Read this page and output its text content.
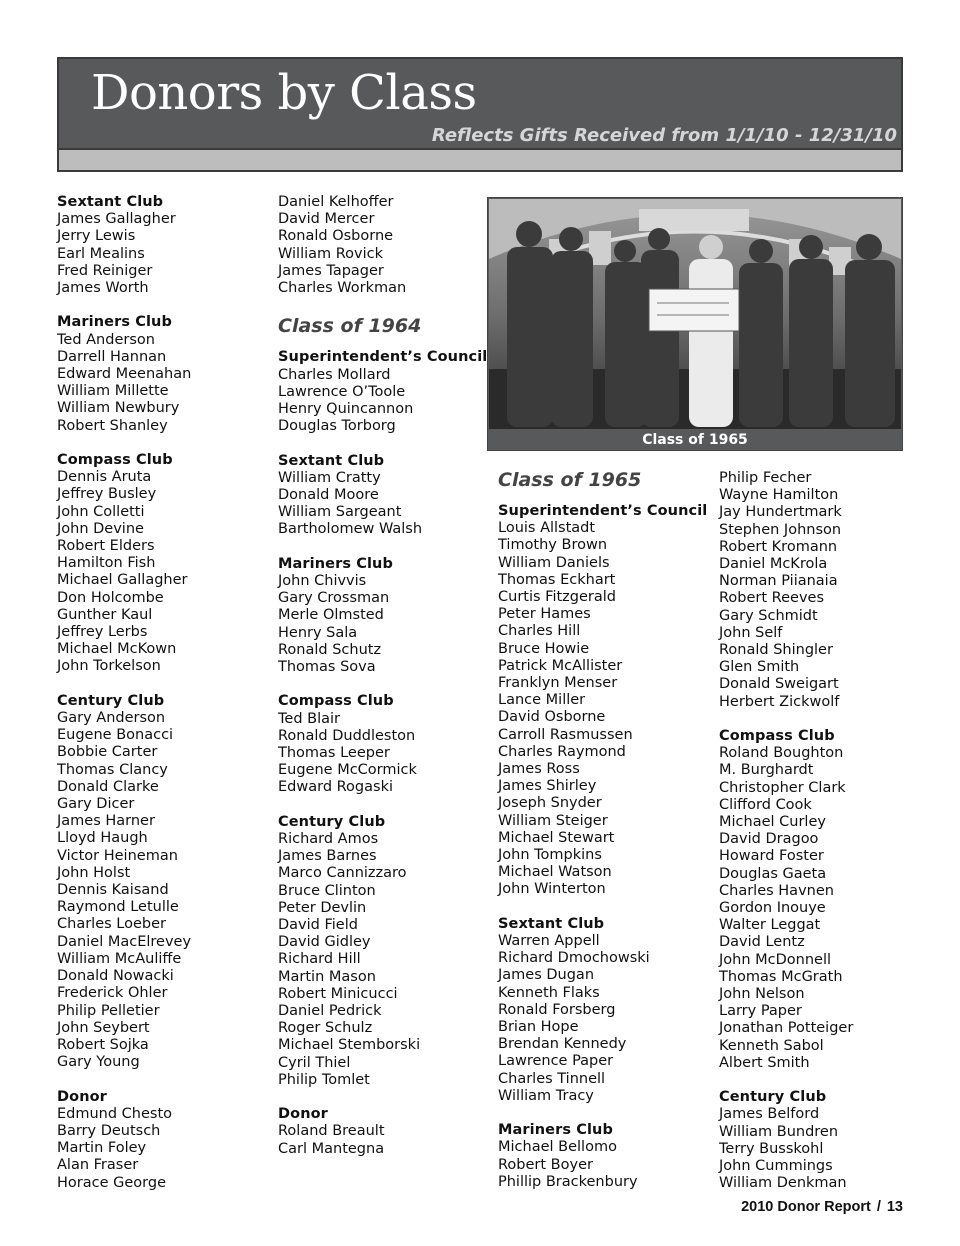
Donors by Class
Reflects Gifts Received from 1/1/10 - 12/31/10
Sextant Club
James Gallagher
Jerry Lewis
Earl Mealins
Fred Reiniger
James Worth
Mariners Club
Ted Anderson
Darrell Hannan
Edward Meenahan
William Millette
William Newbury
Robert Shanley
Compass Club
Dennis Aruta
Jeffrey Busley
John Colletti
John Devine
Robert Elders
Hamilton Fish
Michael Gallagher
Don Holcombe
Gunther Kaul
Jeffrey Lerbs
Michael McKown
John Torkelson
Century Club
Gary Anderson
Eugene Bonacci
Bobbie Carter
Thomas Clancy
Donald Clarke
Gary Dicer
James Harner
Lloyd Haugh
Victor Heineman
John Holst
Dennis Kaisand
Raymond Letulle
Charles Loeber
Daniel MacElrevey
William McAuliffe
Donald Nowacki
Frederick Ohler
Philip Pelletier
John Seybert
Robert Sojka
Gary Young
Donor
Edmund Chesto
Barry Deutsch
Martin Foley
Alan Fraser
Horace George
Daniel Kelhoffer
David Mercer
Ronald Osborne
William Rovick
James Tapager
Charles Workman
Class of 1964
Superintendent’s Council
Charles Mollard
Lawrence O’Toole
Henry Quincannon
Douglas Torborg
Sextant Club
William Cratty
Donald Moore
William Sargeant
Bartholomew Walsh
Mariners Club
John Chivvis
Gary Crossman
Merle Olmsted
Henry Sala
Ronald Schutz
Thomas Sova
Compass Club
Ted Blair
Ronald Duddleston
Thomas Leeper
Eugene McCormick
Edward Rogaski
Century Club
Richard Amos
James Barnes
Marco Cannizzaro
Bruce Clinton
Peter Devlin
David Field
David Gidley
Richard Hill
Martin Mason
Robert Minicucci
Daniel Pedrick
Roger Schulz
Michael Stemborski
Cyril Thiel
Philip Tomlet
Donor
Roland Breault
Carl Mantegna
Class of 1965
Class of 1965
Superintendent’s Council
Louis Allstadt
Timothy Brown
William Daniels
Thomas Eckhart
Curtis Fitzgerald
Peter Hames
Charles Hill
Bruce Howie
Patrick McAllister
Franklyn Menser
Lance Miller
David Osborne
Carroll Rasmussen
Charles Raymond
James Ross
James Shirley
Joseph Snyder
William Steiger
Michael Stewart
John Tompkins
Michael Watson
John Winterton
Sextant Club
Warren Appell
Richard Dmochowski
James Dugan
Kenneth Flaks
Ronald Forsberg
Brian Hope
Brendan Kennedy
Lawrence Paper
Charles Tinnell
William Tracy
Mariners Club
Michael Bellomo
Robert Boyer
Phillip Brackenbury
Philip Fecher
Wayne Hamilton
Jay Hundertmark
Stephen Johnson
Robert Kromann
Daniel McKrola
Norman Piianaia
Robert Reeves
Gary Schmidt
John Self
Ronald Shingler
Glen Smith
Donald Sweigart
Herbert Zickwolf
Compass Club
Roland Boughton
M. Burghardt
Christopher Clark
Clifford Cook
Michael Curley
David Dragoo
Howard Foster
Douglas Gaeta
Charles Havnen
Gordon Inouye
Walter Leggat
David Lentz
John McDonnell
Thomas McGrath
John Nelson
Larry Paper
Jonathan Potteiger
Kenneth Sabol
Albert Smith
Century Club
James Belford
William Bundren
Terry Busskohl
John Cummings
William Denkman
2010 Donor Report / 13
